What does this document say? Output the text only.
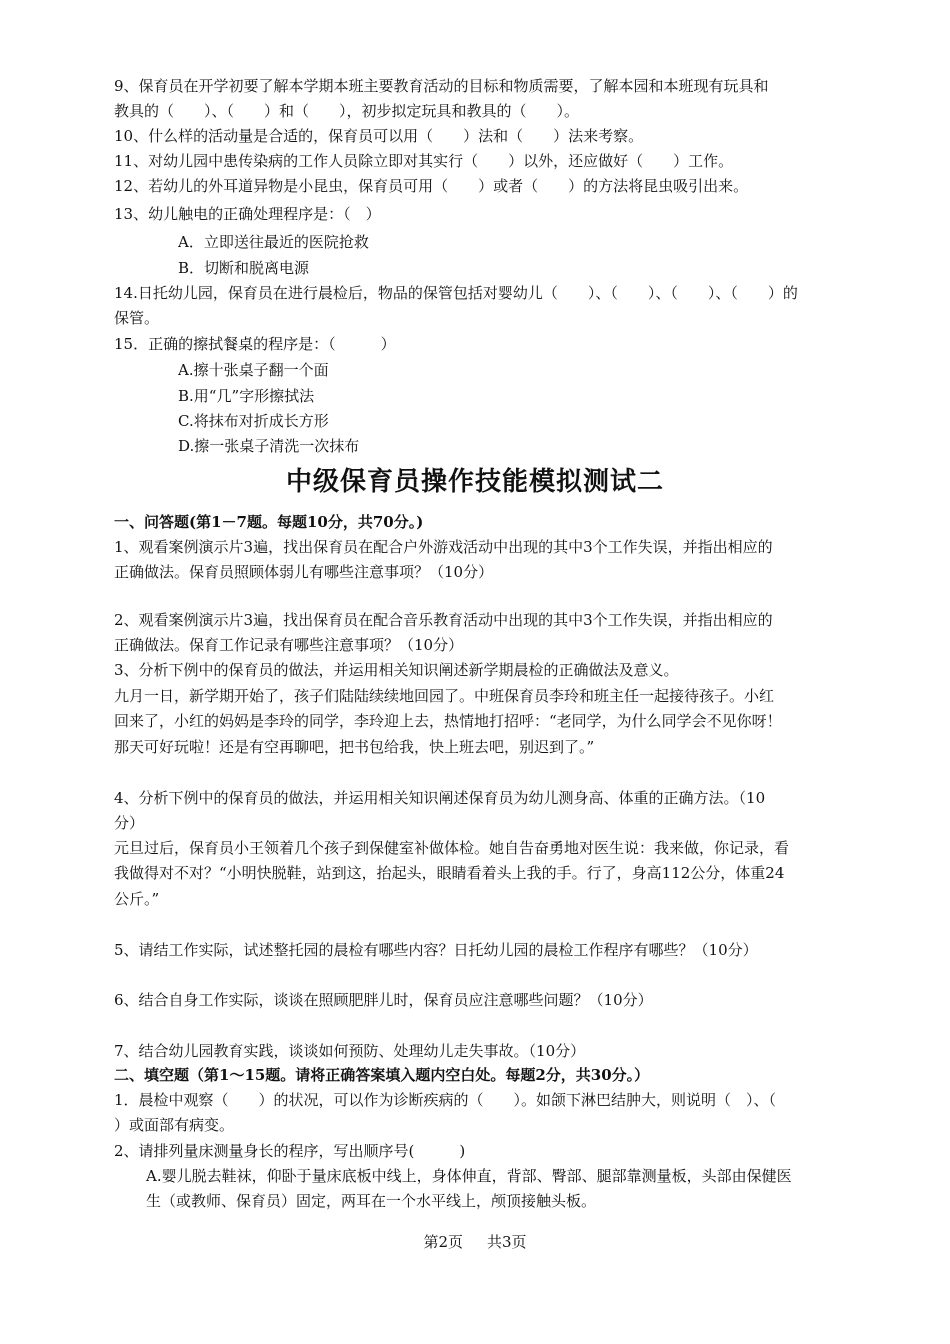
9、保育员在开学初要了解本学期本班主要教育活动的目标和物质需要，了解本园和本班现有玩具和
教具的（　　）、（　　）和（　　），初步拟定玩具和教具的（　　）。
10、什么样的活动量是合适的，保育员可以用（　　）法和（　　）法来考察。
11、对幼儿园中患传染病的工作人员除立即对其实行（　　）以外，还应做好（　　）工作。
12、若幼儿的外耳道异物是小昆虫，保育员可用（　　）或者（　　）的方法将昆虫吸引出来。
13、幼儿触电的正确处理程序是：（　）
A．立即送往最近的医院抢救
B．切断和脱离电源
14.日托幼儿园，保育员在进行晨检后，物品的保管包括对婴幼儿（　　）、（　　）、（　　）、（　　）的
保管。
15．正确的擦拭餐桌的程序是：（　　　）
A.擦十张桌子翻一个面
B.用“几”字形擦拭法
C.将抹布对折成长方形
D.擦一张桌子清洗一次抹布
中级保育员操作技能模拟测试二
一、问答题(第1－7题。每题10分，共70分。)
1、观看案例演示片3遍，找出保育员在配合户外游戏活动中出现的其中3个工作失误，并指出相应的
正确做法。保育员照顾体弱儿有哪些注意事项？（10分）
2、观看案例演示片3遍，找出保育员在配合音乐教育活动中出现的其中3个工作失误，并指出相应的
正确做法。保育工作记录有哪些注意事项？（10分）
3、分析下例中的保育员的做法，并运用相关知识阐述新学期晨检的正确做法及意义。
九月一日，新学期开始了，孩子们陆陆续续地回园了。中班保育员李玲和班主任一起接待孩子。小红
回来了，小红的妈妈是李玲的同学，李玲迎上去，热情地打招呼：“老同学，为什么同学会不见你呀！
那天可好玩啦！还是有空再聊吧，把书包给我，快上班去吧，别迟到了。”
4、分析下例中的保育员的做法，并运用相关知识阐述保育员为幼儿测身高、体重的正确方法。（10
分）
元旦过后，保育员小王领着几个孩子到保健室补做体检。她自告奋勇地对医生说：我来做，你记录，看
我做得对不对？“小明快脱鞋，站到这，抬起头，眼睛看着头上我的手。行了，身高112公分，体重24
公斤。”
5、请结工作实际，试述整托园的晨检有哪些内容？日托幼儿园的晨检工作程序有哪些？（10分）
6、结合自身工作实际，谈谈在照顾肥胖儿时，保育员应注意哪些问题？（10分）
7、结合幼儿园教育实践，谈谈如何预防、处理幼儿走失事故。（10分）
二、填空题（第1～15题。请将正确答案填入题内空白处。每题2分，共30分。）
1．晨检中观察（　　）的状况，可以作为诊断疾病的（　　）。如颌下淋巴结肿大，则说明（　）、（
）或面部有病变。
2、请排列量床测量身长的程序，写出顺序号(　　　)
A.婴儿脱去鞋袜，仰卧于量床底板中线上，身体伸直，背部、臀部、腿部靠测量板，头部由保健医
生（或教师、保育员）固定，两耳在一个水平线上，颅顶接触头板。
第2页 共3页
